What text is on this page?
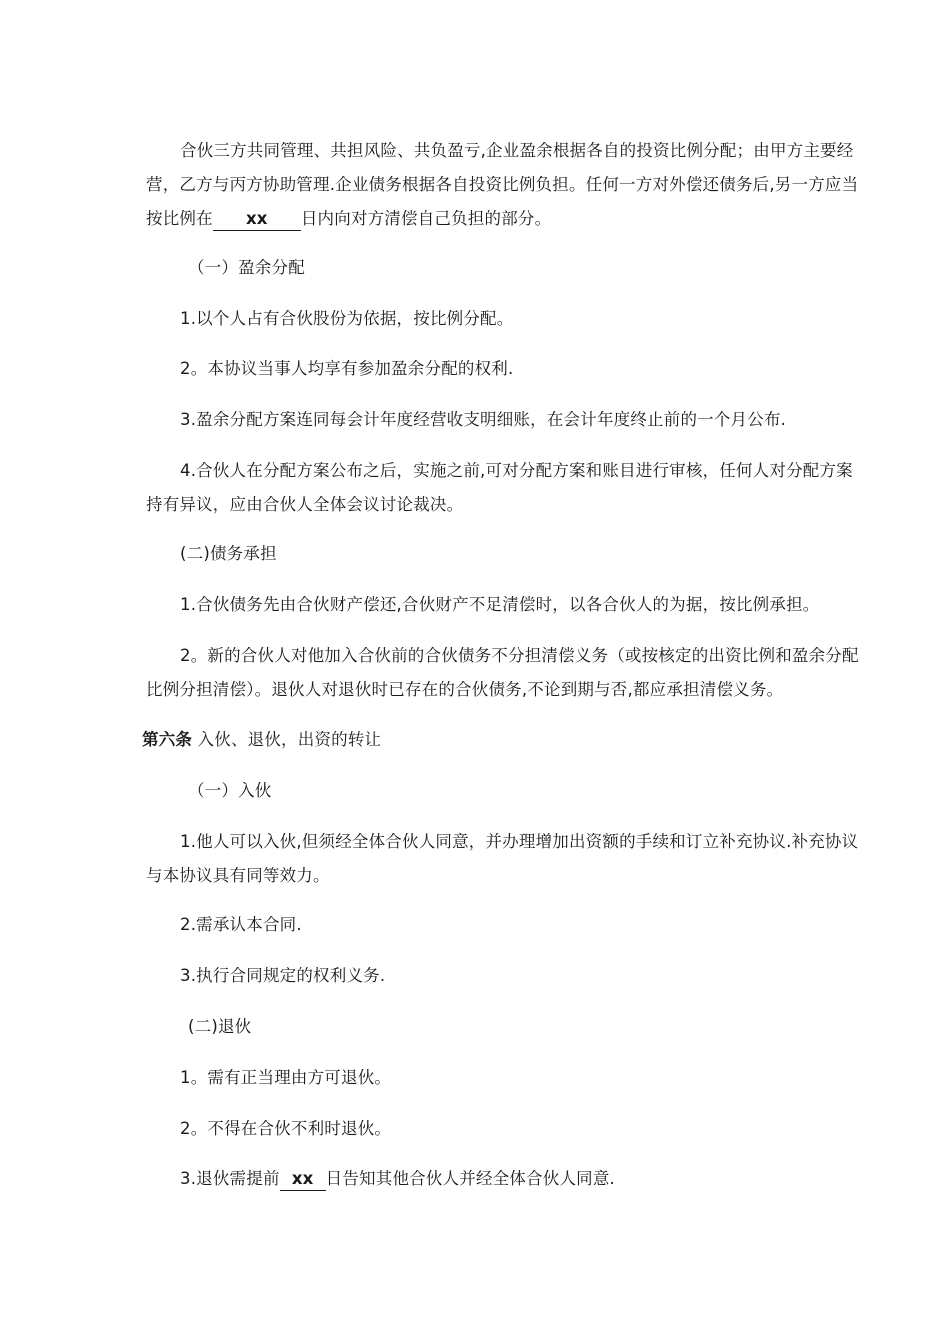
合伙三方共同管理、共担风险、共负盈亏,企业盈余根据各自的投资比例分配；由甲方主要经营，乙方与丙方协助管理.企业债务根据各自投资比例负担。任何一方对外偿还债务后,另一方应当按比例在 xx 日内向对方清偿自己负担的部分。

（一）盈余分配

1.以个人占有合伙股份为依据，按比例分配。

2。本协议当事人均享有参加盈余分配的权利.

3.盈余分配方案连同每会计年度经营收支明细账，在会计年度终止前的一个月公布.

4.合伙人在分配方案公布之后，实施之前,可对分配方案和账目进行审核，任何人对分配方案持有异议，应由合伙人全体会议讨论裁决。

(二)债务承担

1.合伙债务先由合伙财产偿还,合伙财产不足清偿时，以各合伙人的为据，按比例承担。

2。新的合伙人对他加入合伙前的合伙债务不分担清偿义务（或按核定的出资比例和盈余分配比例分担清偿）。退伙人对退伙时已存在的合伙债务,不论到期与否,都应承担清偿义务。

第六条 入伙、退伙，出资的转让

（一）入伙

1.他人可以入伙,但须经全体合伙人同意，并办理增加出资额的手续和订立补充协议.补充协议与本协议具有同等效力。

2.需承认本合同.

3.执行合同规定的权利义务.

(二)退伙

1。需有正当理由方可退伙。

2。不得在合伙不利时退伙。

3.退伙需提前 xx 日告知其他合伙人并经全体合伙人同意.
